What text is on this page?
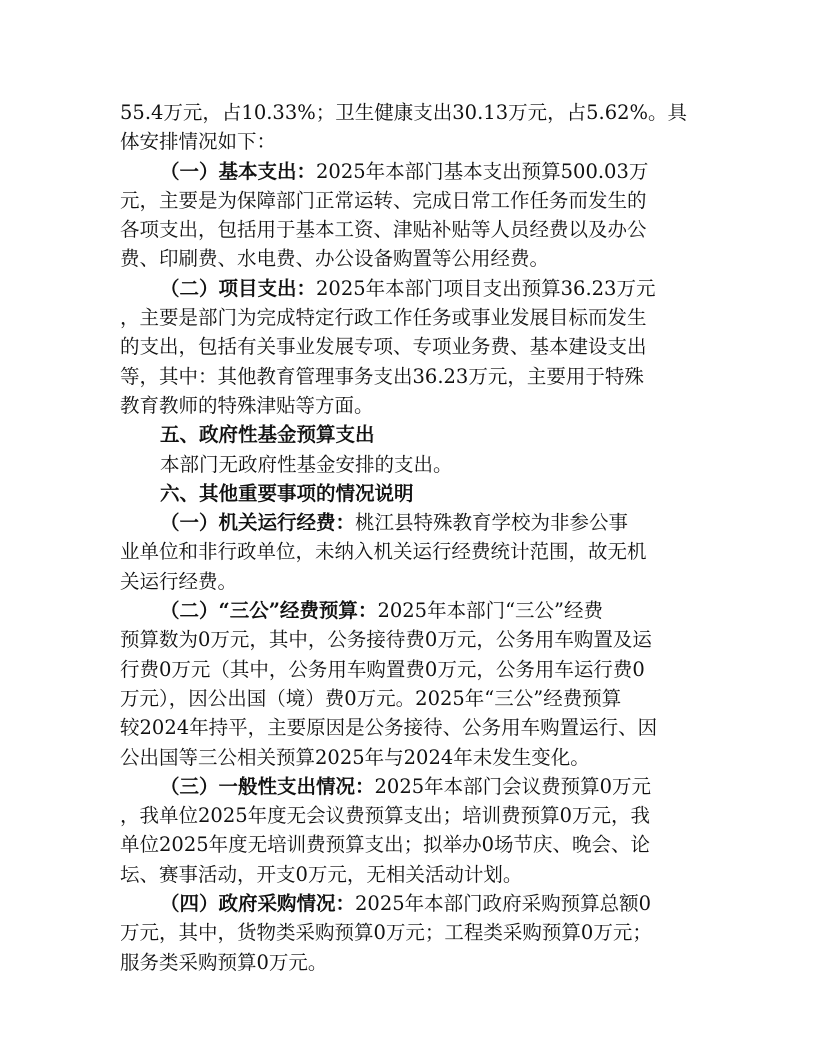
55.4万元，占10.33%；卫生健康支出30.13万元，占5.62%。具
体安排情况如下：
（一）基本支出：2025年本部门基本支出预算500.03万
元，主要是为保障部门正常运转、完成日常工作任务而发生的
各项支出，包括用于基本工资、津贴补贴等人员经费以及办公
费、印刷费、水电费、办公设备购置等公用经费。
（二）项目支出：2025年本部门项目支出预算36.23万元
，主要是部门为完成特定行政工作任务或事业发展目标而发生
的支出，包括有关事业发展专项、专项业务费、基本建设支出
等，其中：其他教育管理事务支出36.23万元，主要用于特殊
教育教师的特殊津贴等方面。
五、政府性基金预算支出
本部门无政府性基金安排的支出。
六、其他重要事项的情况说明
（一）机关运行经费：桃江县特殊教育学校为非参公事
业单位和非行政单位，未纳入机关运行经费统计范围，故无机
关运行经费。
（二）“三公”经费预算：2025年本部门“三公”经费
预算数为0万元，其中，公务接待费0万元，公务用车购置及运
行费0万元（其中，公务用车购置费0万元，公务用车运行费0
万元），因公出国（境）费0万元。2025年“三公”经费预算
较2024年持平，主要原因是公务接待、公务用车购置运行、因
公出国等三公相关预算2025年与2024年未发生变化。
（三）一般性支出情况：2025年本部门会议费预算0万元
，我单位2025年度无会议费预算支出；培训费预算0万元，我
单位2025年度无培训费预算支出；拟举办0场节庆、晚会、论
坛、赛事活动，开支0万元，无相关活动计划。
（四）政府采购情况：2025年本部门政府采购预算总额0
万元，其中，货物类采购预算0万元；工程类采购预算0万元；
服务类采购预算0万元。
